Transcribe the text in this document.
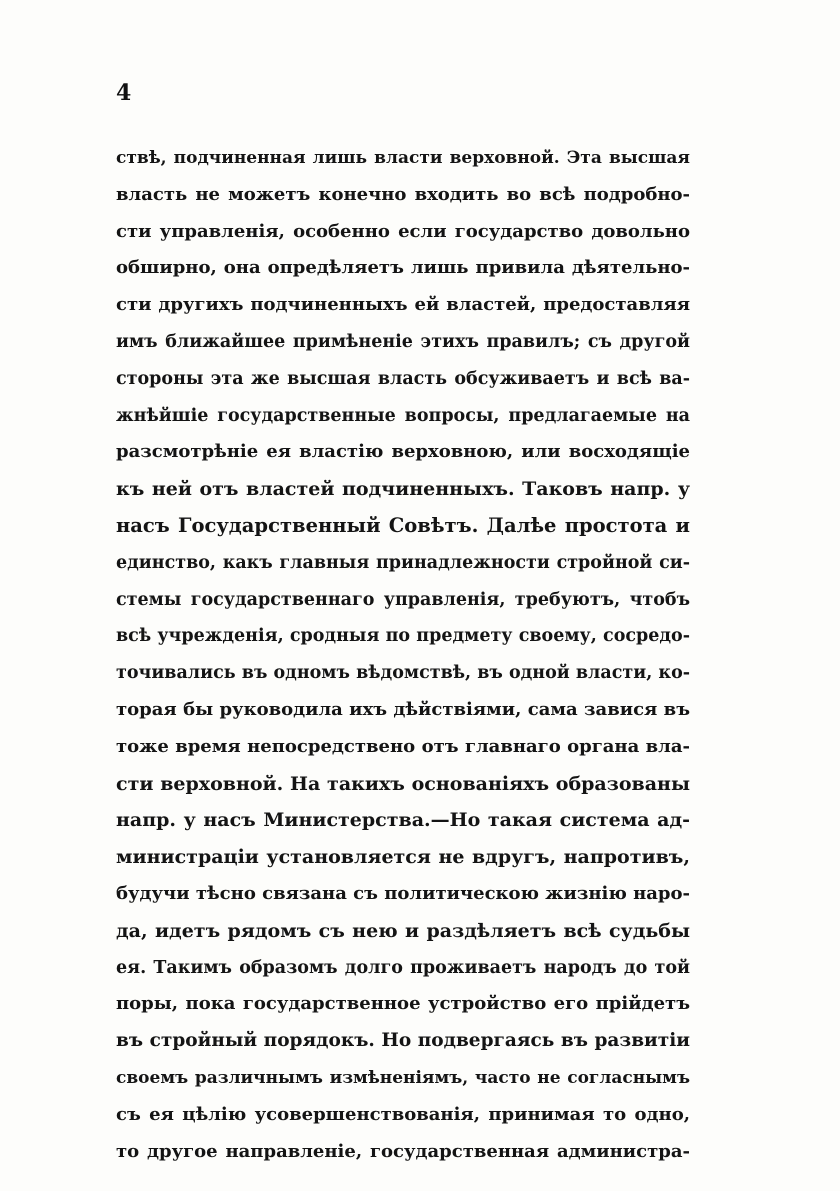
4
ствѣ, подчиненная лишь власти верховной. Эта высшая
власть не можетъ конечно входить во всѣ подробно-
сти управленія, особенно если государство довольно
обширно, она опредѣляетъ лишь привила дѣятельно-
сти другихъ подчиненныхъ ей властей, предоставляя
имъ ближайшее примѣненіе этихъ правилъ; съ другой
стороны эта же высшая власть обсуживаетъ и всѣ ва-
жнѣйшіе государственные вопросы, предлагаемые на
разсмотрѣніе ея властію верховною, или восходящіе
къ ней отъ властей подчиненныхъ. Таковъ напр. у
насъ Государственный Совѣтъ. Далѣе простота и
единство, какъ главныя принадлежности стройной си-
стемы государственнаго управленія, требуютъ, чтобъ
всѣ учрежденія, сродныя по предмету своему, сосредо-
точивались въ одномъ вѣдомствѣ, въ одной власти, ко-
торая бы руководила ихъ дѣйствіями, сама завися въ
тоже время непосредствено отъ главнаго органа вла-
сти верховной. На такихъ основаніяхъ образованы
напр. у насъ Министерства.—Но такая система ад-
министраціи установляется не вдругъ, напротивъ,
будучи тѣсно связана съ политическою жизнію наро-
да, идетъ рядомъ съ нею и раздѣляетъ всѣ судьбы
ея. Такимъ образомъ долго проживаетъ народъ до той
поры, пока государственное устройство его прійдетъ
въ стройный порядокъ. Но подвергаясь въ развитіи
своемъ различнымъ измѣненіямъ, часто не согласнымъ
съ ея цѣлію усовершенствованія, принимая то одно,
то другое направленіе, государственная администра-
